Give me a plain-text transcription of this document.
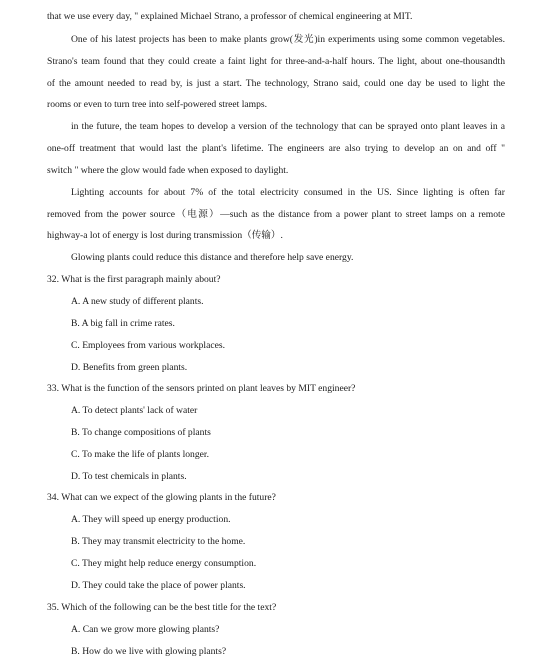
that we use every day, " explained Michael Strano, a professor of chemical engineering at MIT.
One of his latest projects has been to make plants grow(发光)in experiments using some common vegetables.
Strano's team found that they could create a faint light for three-and-a-half hours. The light, about one-thousandth
of the amount needed to read by, is just a start. The technology, Strano said, could one day be used to light the
rooms or even to turn tree into self-powered street lamps.
in the future, the team hopes to develop a version of the technology that can be sprayed onto plant leaves in a
one-off treatment that would last the plant's lifetime. The engineers are also trying to develop an on and off "
switch " where the glow would fade when exposed to daylight.
Lighting accounts for about 7% of the total electricity consumed in the US. Since lighting is often far
removed from the power source（电源）—such as the distance from a power plant to street lamps on a remote
highway-a lot of energy is lost during transmission（传输）.
Glowing plants could reduce this distance and therefore help save energy.
32. What is the first paragraph mainly about?
A. A new study of different plants.
B. A big fall in crime rates.
C. Employees from various workplaces.
D. Benefits from green plants.
33. What is the function of the sensors printed on plant leaves by MIT engineer?
A. To detect plants' lack of water
B. To change compositions of plants
C. To make the life of plants longer.
D. To test chemicals in plants.
34. What can we expect of the glowing plants in the future?
A. They will speed up energy production.
B. They may transmit electricity to the home.
C. They might help reduce energy consumption.
D. They could take the place of power plants.
35. Which of the following can be the best title for the text?
A. Can we grow more glowing plants?
B. How do we live with glowing plants?
